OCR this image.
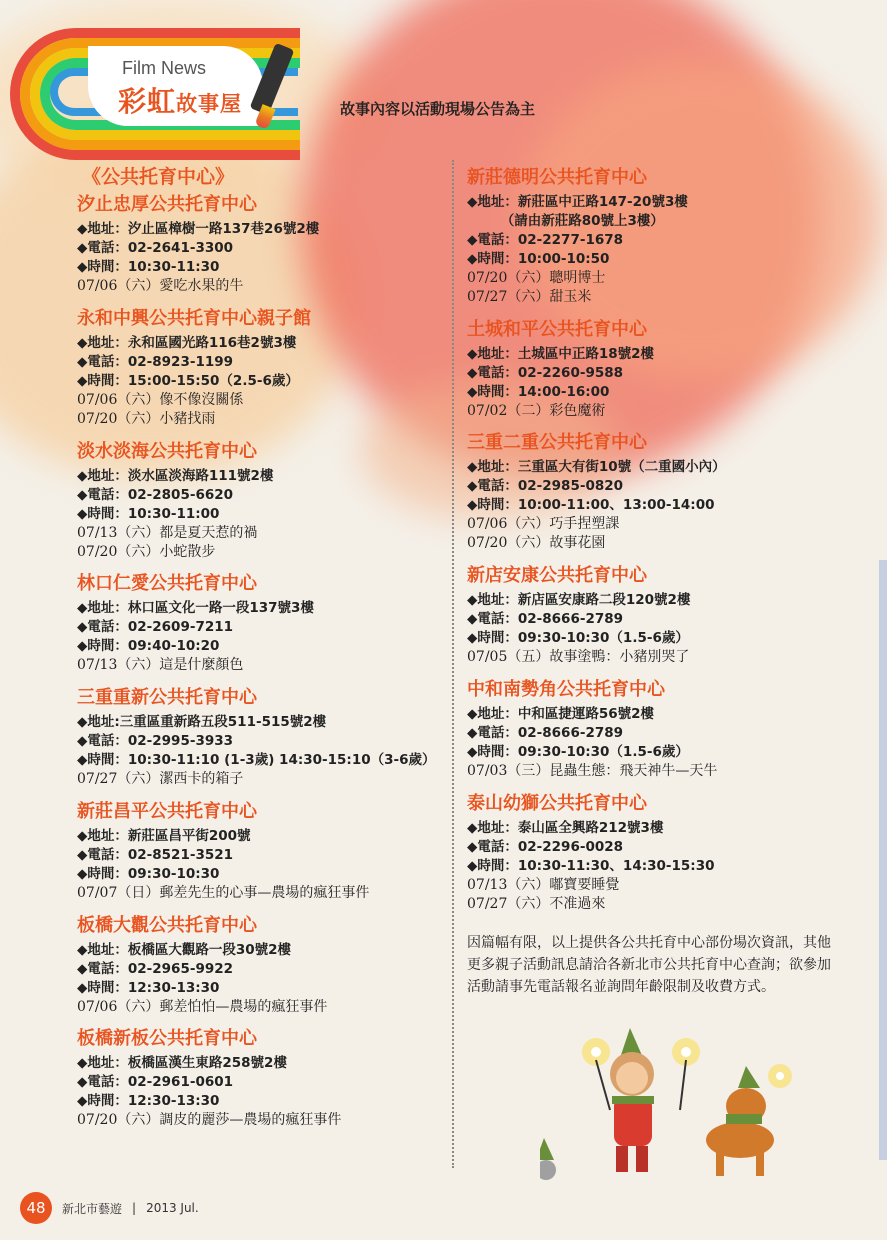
Film News
彩虹故事屋	故事內容以活動現場公告為主
《公共托育中心》
汐止忠厚公共托育中心
◆地址：汐止區樟樹一路137巷26號2樓
◆電話：02-2641-3300
◆時間：10:30-11:30
07/06（六）愛吃水果的牛
永和中興公共托育中心親子館
◆地址：永和區國光路116巷2號3樓
◆電話：02-8923-1199
◆時間：15:00-15:50（2.5-6歲）
07/06（六）像不像沒關係
07/20（六）小豬找雨
淡水淡海公共托育中心
◆地址：淡水區淡海路111號2樓
◆電話：02-2805-6620
◆時間：10:30-11:00
07/13（六）都是夏天惹的禍
07/20（六）小蛇散步
林口仁愛公共托育中心
◆地址：林口區文化一路一段137號3樓
◆電話：02-2609-7211
◆時間：09:40-10:20
07/13（六）這是什麼顏色
三重重新公共托育中心
◆地址:三重區重新路五段511-515號2樓
◆電話：02-2995-3933
◆時間：10:30-11:10 (1-3歲) 14:30-15:10（3-6歲）
07/27（六）潔西卡的箱子
新莊昌平公共托育中心
◆地址：新莊區昌平街200號
◆電話：02-8521-3521
◆時間：09:30-10:30
07/07（日）郵差先生的心事—農場的瘋狂事件
板橋大觀公共托育中心
◆地址：板橋區大觀路一段30號2樓
◆電話：02-2965-9922
◆時間：12:30-13:30
07/06（六）郵差怕怕—農場的瘋狂事件
板橋新板公共托育中心
◆地址：板橋區漢生東路258號2樓
◆電話：02-2961-0601
◆時間：12:30-13:30
07/20（六）調皮的麗莎—農場的瘋狂事件
新莊德明公共托育中心
◆地址：新莊區中正路147-20號3樓
　　　（請由新莊路80號上3樓）
◆電話：02-2277-1678
◆時間：10:00-10:50
07/20（六）聰明博士
07/27（六）甜玉米
土城和平公共托育中心
◆地址：土城區中正路18號2樓
◆電話：02-2260-9588
◆時間：14:00-16:00
07/02（二）彩色魔術
三重二重公共托育中心
◆地址：三重區大有街10號（二重國小內）
◆電話：02-2985-0820
◆時間：10:00-11:00、13:00-14:00
07/06（六）巧手捏塑課
07/20（六）故事花園
新店安康公共托育中心
◆地址：新店區安康路二段120號2樓
◆電話：02-8666-2789
◆時間：09:30-10:30（1.5-6歲）
07/05（五）故事塗鴨：小豬別哭了
中和南勢角公共托育中心
◆地址：中和區捷運路56號2樓
◆電話：02-8666-2789
◆時間：09:30-10:30（1.5-6歲）
07/03（三）昆蟲生態：飛天神牛—天牛
泰山幼獅公共托育中心
◆地址：泰山區全興路212號3樓
◆電話：02-2296-0028
◆時間：10:30-11:30、14:30-15:30
07/13（六）嘟寶要睡覺
07/27（六）不准過來
因篇幅有限，以上提供各公共托育中心部份場次資訊，其他更多親子活動訊息請洽各新北市公共托育中心查詢；欲參加活動請事先電話報名並詢問年齡限制及收費方式。
48	新北市藝遊 | 2013 Jul.
